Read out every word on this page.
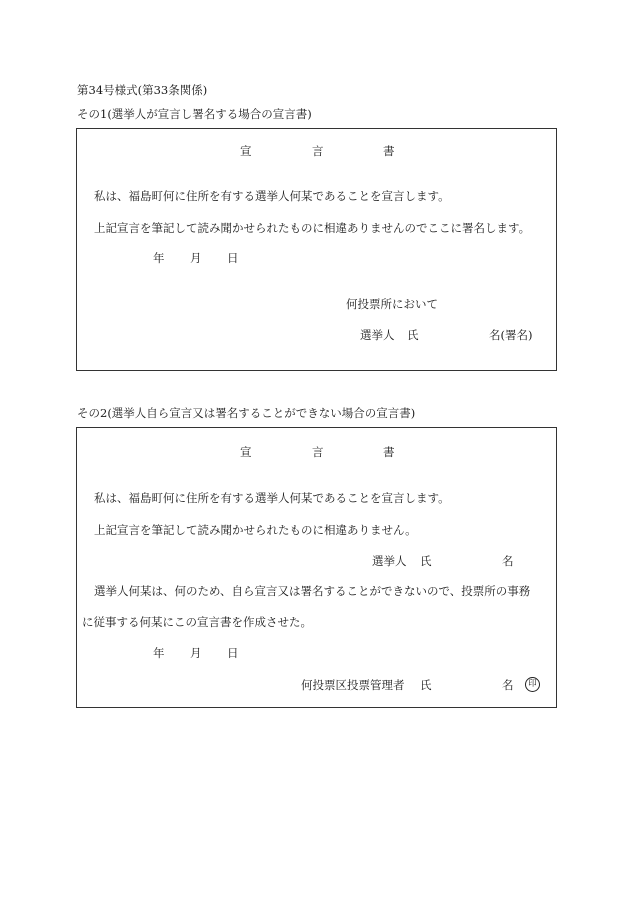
第34号様式(第33条関係)
その1(選挙人が宣言し署名する場合の宣言書)
宣	言	書
私は、福島町何に住所を有する選挙人何某であることを宣言します。
上記宣言を筆記して読み聞かせられたものに相違ありませんのでここに署名します。
年 月 日
何投票所において
選挙人 氏	名(署名)
その2(選挙人自ら宣言又は署名することができない場合の宣言書)
宣	言	書
私は、福島町何に住所を有する選挙人何某であることを宣言します。
上記宣言を筆記して読み聞かせられたものに相違ありません。
選挙人 氏	名
選挙人何某は、何のため、自ら宣言又は署名することができないので、投票所の事務
に従事する何某にこの宣言書を作成させた。
年 月 日
何投票区投票管理者 氏	名	印
